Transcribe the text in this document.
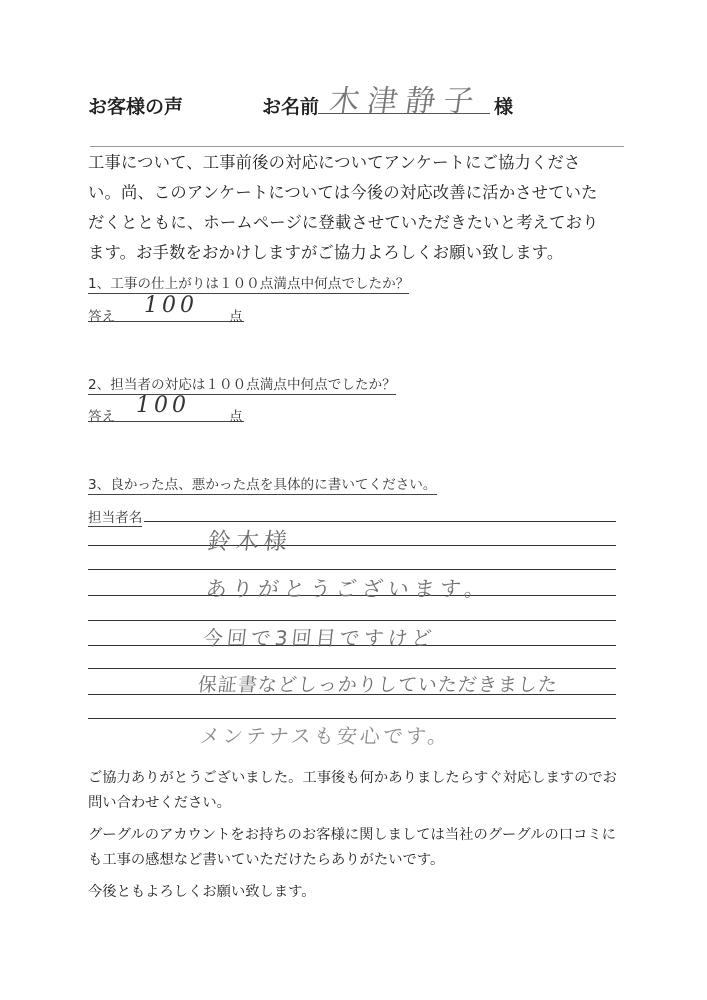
お客様の声	お名前 木津静子 様
工事について、工事前後の対応についてアンケートにご協力くださ
い。尚、このアンケートについては今後の対応改善に活かさせていた
だくとともに、ホームページに登載させていただきたいと考えており
ます。お手数をおかけしますがご協力よろしくお願い致します。
1、工事の仕上がりは１００点満点中何点でしたか？
答え 100 点
2、担当者の対応は１００点満点中何点でしたか？
答え 100	点
3、良かった点、悪かった点を具体的に書いてください。
担当者名
鈴木様
ありがとうございます。
今回で3回目ですけど
保証書などしっかりしていただきました
メンテナスも安心です。
ご協力ありがとうございました。工事後も何かありましたらすぐ対応しますのでお
問い合わせください。
グーグルのアカウントをお持ちのお客様に関しましては当社のグーグルの口コミに
も工事の感想など書いていただけたらありがたいです。
今後ともよろしくお願い致します。
